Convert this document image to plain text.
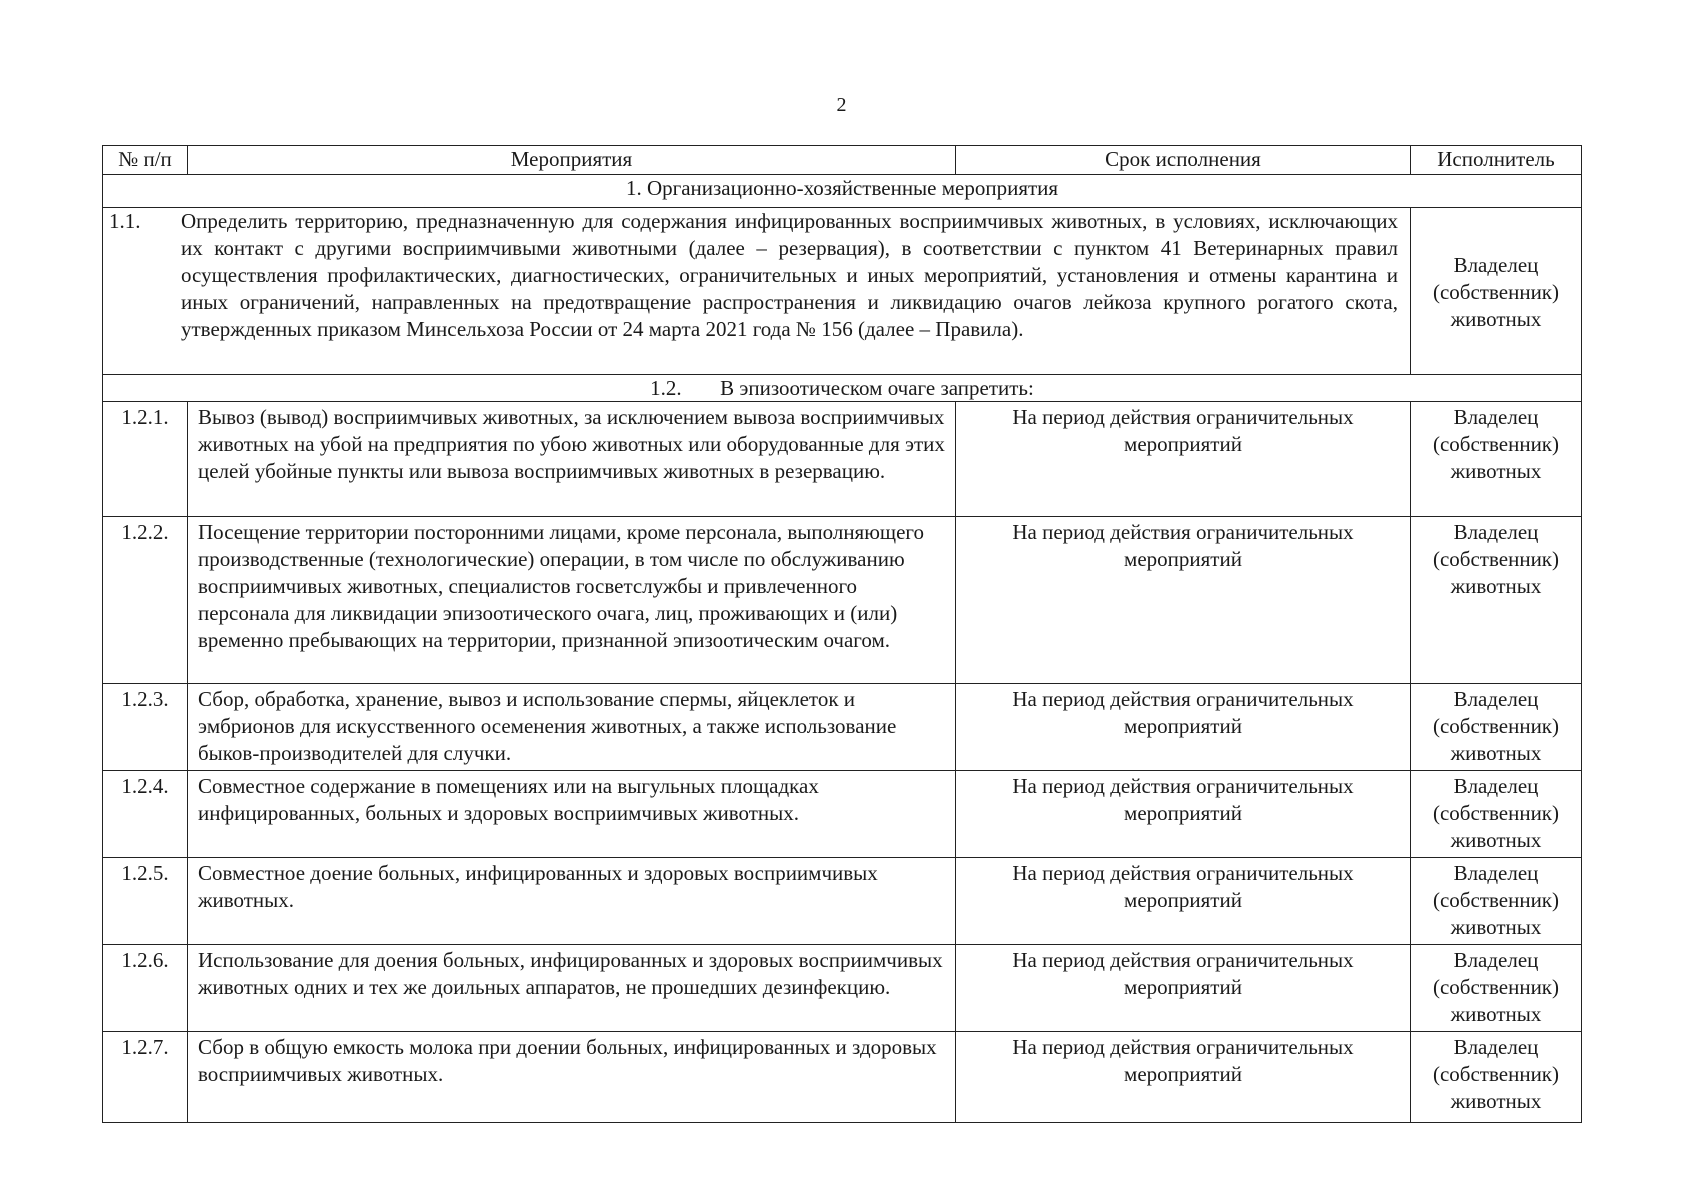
2
№ п/п	Мероприятия	Срок исполнения	Исполнитель
1. Организационно-хозяйственные мероприятия			
1.1. Определить территорию, предназначенную для содержания инфицированных восприимчивых животных, в условиях, исключающих их контакт с другими восприимчивыми животными (далее – резервация), в соответствии с пунктом 41 Ветеринарных правил осуществления профилактических, диагностических, ограничительных и иных мероприятий, установления и отмены карантина и иных ограничений, направленных на предотвращение распространения и ликвидацию очагов лейкоза крупного рогатого скота, утвержденных приказом Минсельхоза России от 24 марта 2021 года № 156 (далее – Правила).			Владелец (собственник) животных
1.2. В эпизоотическом очаге запретить:			
1.2.1.	Вывоз (вывод) восприимчивых животных, за исключением вывоза восприимчивых животных на убой на предприятия по убою животных или оборудованные для этих целей убойные пункты или вывоза восприимчивых животных в резервацию.	На период действия ограничительных мероприятий	Владелец (собственник) животных
1.2.2.	Посещение территории посторонними лицами, кроме персонала, выполняющего производственные (технологические) операции, в том числе по обслуживанию восприимчивых животных, специалистов госветслужбы и привлеченного персонала для ликвидации эпизоотического очага, лиц, проживающих и (или) временно пребывающих на территории, признанной эпизоотическим очагом.	На период действия ограничительных мероприятий	Владелец (собственник) животных
1.2.3.	Сбор, обработка, хранение, вывоз и использование спермы, яйцеклеток и эмбрионов для искусственного осеменения животных, а также использование быков-производителей для случки.	На период действия ограничительных мероприятий	Владелец (собственник) животных
1.2.4.	Совместное содержание в помещениях или на выгульных площадках инфицированных, больных и здоровых восприимчивых животных.	На период действия ограничительных мероприятий	Владелец (собственник) животных
1.2.5.	Совместное доение больных, инфицированных и здоровых восприимчивых животных.	На период действия ограничительных мероприятий	Владелец (собственник) животных
1.2.6.	Использование для доения больных, инфицированных и здоровых восприимчивых животных одних и тех же доильных аппаратов, не прошедших дезинфекцию.	На период действия ограничительных мероприятий	Владелец (собственник) животных
1.2.7.	Сбор в общую емкость молока при доении больных, инфицированных и здоровых восприимчивых животных.	На период действия ограничительных мероприятий	Владелец (собственник) животных
